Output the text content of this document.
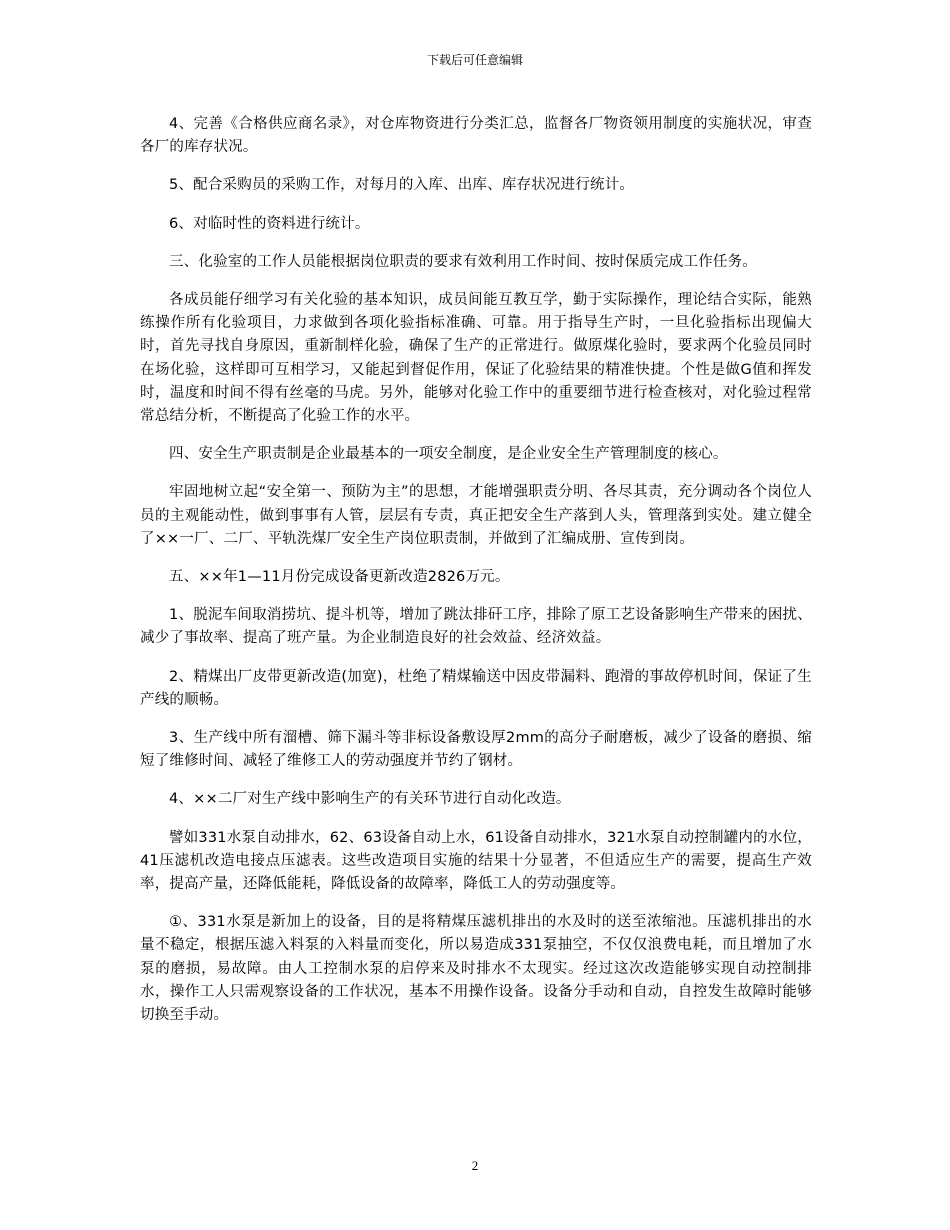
下载后可任意编辑

4、完善《合格供应商名录》，对仓库物资进行分类汇总，监督各厂物资领用制度的实施状况，审查各厂的库存状况。

5、配合采购员的采购工作，对每月的入库、出库、库存状况进行统计。

6、对临时性的资料进行统计。

三、化验室的工作人员能根据岗位职责的要求有效利用工作时间、按时保质完成工作任务。

各成员能仔细学习有关化验的基本知识，成员间能互教互学，勤于实际操作，理论结合实际，能熟练操作所有化验项目，力求做到各项化验指标准确、可靠。用于指导生产时，一旦化验指标出现偏大时，首先寻找自身原因，重新制样化验，确保了生产的正常进行。做原煤化验时，要求两个化验员同时在场化验，这样即可互相学习，又能起到督促作用，保证了化验结果的精准快捷。个性是做G值和挥发时，温度和时间不得有丝毫的马虎。另外，能够对化验工作中的重要细节进行检查核对，对化验过程常常总结分析，不断提高了化验工作的水平。

四、安全生产职责制是企业最基本的一项安全制度，是企业安全生产管理制度的核心。

牢固地树立起“安全第一、预防为主”的思想，才能增强职责分明、各尽其责，充分调动各个岗位人员的主观能动性，做到事事有人管，层层有专责，真正把安全生产落到人头，管理落到实处。建立健全了××一厂、二厂、平轨洗煤厂安全生产岗位职责制，并做到了汇编成册、宣传到岗。

五、××年1—11月份完成设备更新改造2826万元。

1、脱泥车间取消捞坑、提斗机等，增加了跳汰排矸工序，排除了原工艺设备影响生产带来的困扰、减少了事故率、提高了班产量。为企业制造良好的社会效益、经济效益。

2、精煤出厂皮带更新改造(加宽)，杜绝了精煤输送中因皮带漏料、跑滑的事故停机时间，保证了生产线的顺畅。

3、生产线中所有溜槽、筛下漏斗等非标设备敷设厚2mm的高分子耐磨板，减少了设备的磨损、缩短了维修时间、减轻了维修工人的劳动强度并节约了钢材。

4、××二厂对生产线中影响生产的有关环节进行自动化改造。

譬如331水泵自动排水，62、63设备自动上水，61设备自动排水，321水泵自动控制罐内的水位，41压滤机改造电接点压滤表。这些改造项目实施的结果十分显著，不但适应生产的需要，提高生产效率，提高产量，还降低能耗，降低设备的故障率，降低工人的劳动强度等。

①、331水泵是新加上的设备，目的是将精煤压滤机排出的水及时的送至浓缩池。压滤机排出的水量不稳定，根据压滤入料泵的入料量而变化，所以易造成331泵抽空，不仅仅浪费电耗，而且增加了水泵的磨损，易故障。由人工控制水泵的启停来及时排水不太现实。经过这次改造能够实现自动控制排水，操作工人只需观察设备的工作状况，基本不用操作设备。设备分手动和自动，自控发生故障时能够切换至手动。

2
